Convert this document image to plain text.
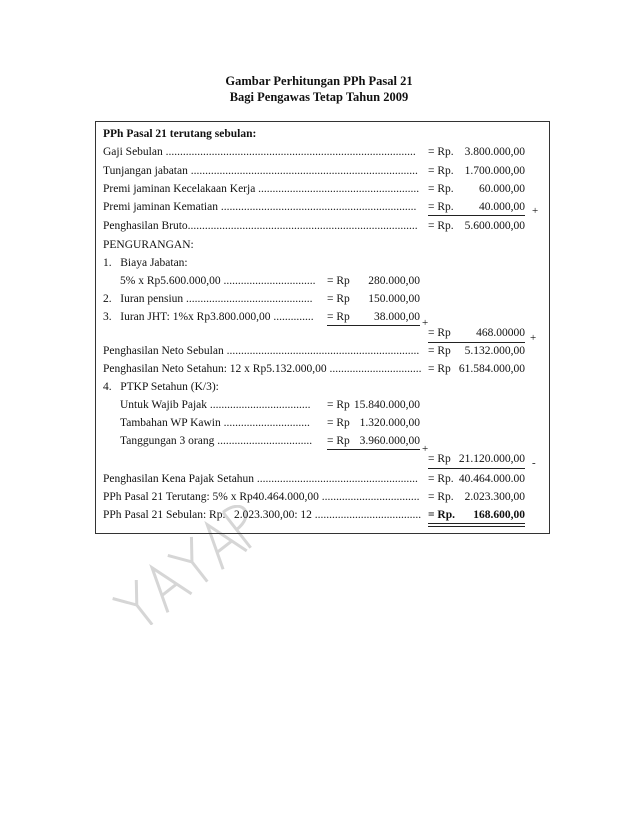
Gambar Perhitungan PPh Pasal 21
Bagi Pengawas Tetap Tahun 2009
PPh Pasal 21 terutang sebulan:
Gaji Sebulan ....................................................................................... = Rp. 3.800.000,00
Tunjangan jabatan ............................................................................... = Rp. 1.700.000,00
Premi jaminan Kecelakaan Kerja ........................................................ = Rp.	60.000,00
Premi jaminan Kematian .................................................................... = Rp.	40.000,00 +
Penghasilan Bruto................................................................................ = Rp. 5.600.000,00
PENGURANGAN:
1.   Biaya Jabatan:
5% x Rp5.600.000,00 ................................ = Rp	280.000,00
2.   Iuran pensiun ............................................ = Rp	150.000,00
3.   Iuran JHT: 1%x Rp3.800.000,00 .............. = Rp	38.000,00 +
= Rp	468.00000 +
Penghasilan Neto Sebulan ................................................................... = Rp	5.132.000,00
Penghasilan Neto Setahun: 12 x Rp5.132.000,00 ................................ = Rp 61.584.000,00
4.   PTKP Setahun (K/3):
Untuk Wajib Pajak ................................... = Rp 15.840.000,00
Tambahan WP Kawin .............................. = Rp 1.320.000,00
Tanggungan 3 orang ................................. = Rp 3.960.000,00
+
= Rp 21.120.000,00 -
Penghasilan Kena Pajak Setahun ........................................................ = Rp. 40.464.000.00
PPh Pasal 21 Terutang: 5% x Rp40.464.000,00 .................................. = Rp. 2.023.300,00
PPh Pasal 21 Sebulan: Rp.   2.023.300,00: 12 ..................................... = Rp.	168.600,00
